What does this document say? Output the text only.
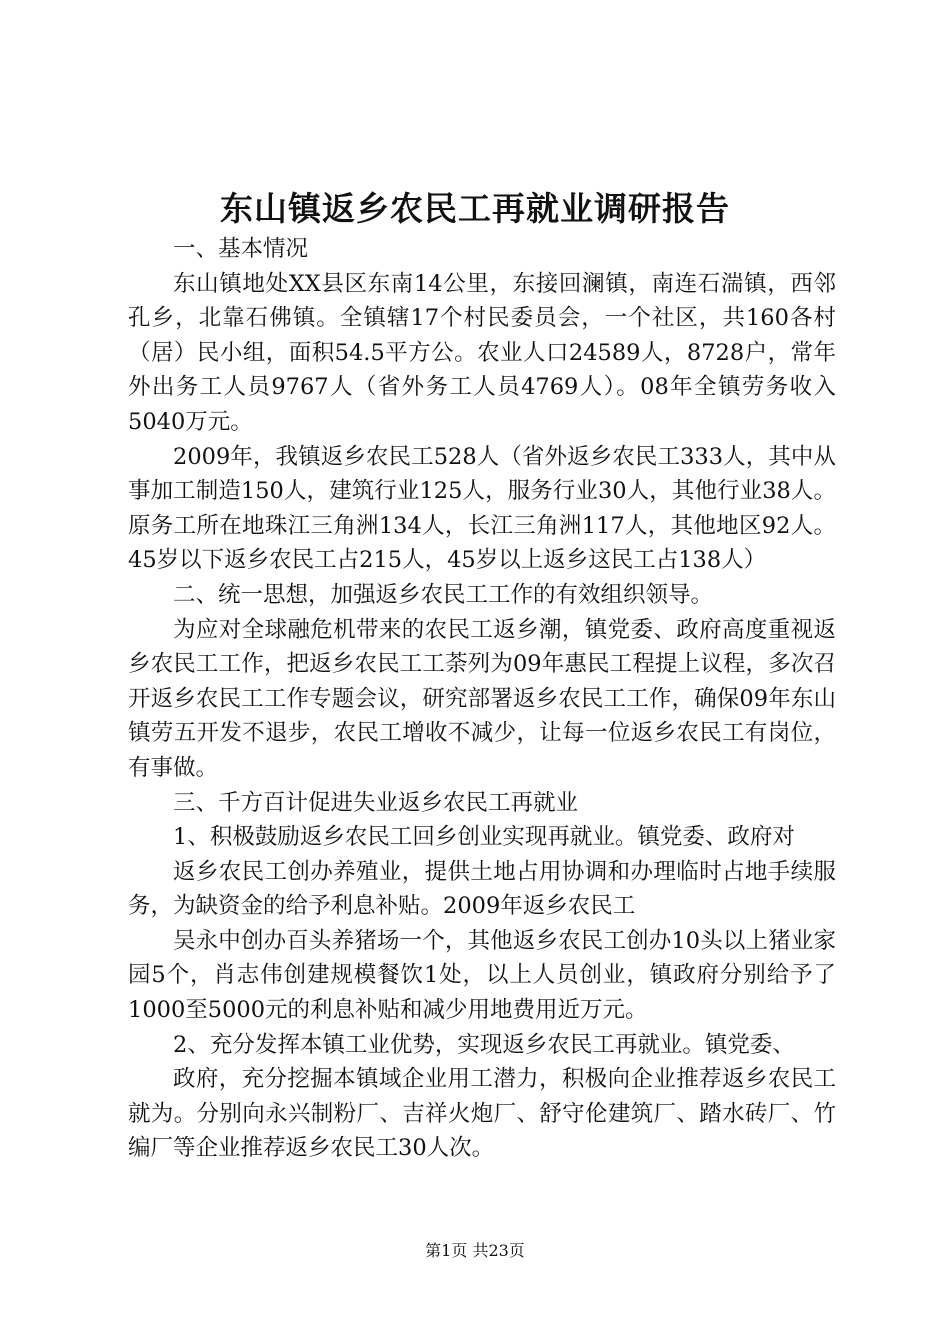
东山镇返乡农民工再就业调研报告

一、基本情况

东山镇地处XX县区东南14公里，东接回澜镇，南连石湍镇，西邻孔乡，北靠石佛镇。全镇辖17个村民委员会，一个社区，共160各村（居）民小组，面积54.5平方公。农业人口24589人，8728户，常年外出务工人员9767人（省外务工人员4769人）。08年全镇劳务收入5040万元。

2009年，我镇返乡农民工528人（省外返乡农民工333人，其中从事加工制造150人，建筑行业125人，服务行业30人，其他行业38人。原务工所在地珠江三角洲134人，长江三角洲117人，其他地区92人。45岁以下返乡农民工占215人，45岁以上返乡这民工占138人）

二、统一思想，加强返乡农民工工作的有效组织领导。

为应对全球融危机带来的农民工返乡潮，镇党委、政府高度重视返乡农民工工作，把返乡农民工工荼列为09年惠民工程提上议程，多次召开返乡农民工工作专题会议，研究部署返乡农民工工作，确保09年东山镇劳五开发不退步，农民工增收不减少，让每一位返乡农民工有岗位，有事做。

三、千方百计促进失业返乡农民工再就业

1、积极鼓励返乡农民工回乡创业实现再就业。镇党委、政府对

返乡农民工创办养殖业，提供土地占用协调和办理临时占地手续服务，为缺资金的给予利息补贴。2009年返乡农民工

吴永中创办百头养猪场一个，其他返乡农民工创办10头以上猪业家园5个，肖志伟创建规模餐饮1处，以上人员创业，镇政府分别给予了1000至5000元的利息补贴和减少用地费用近万元。

2、充分发挥本镇工业优势，实现返乡农民工再就业。镇党委、

政府，充分挖掘本镇域企业用工潜力，积极向企业推荐返乡农民工就为。分别向永兴制粉厂、吉祥火炮厂、舒守伦建筑厂、踏水砖厂、竹编厂等企业推荐返乡农民工30人次。

第1页 共23页
